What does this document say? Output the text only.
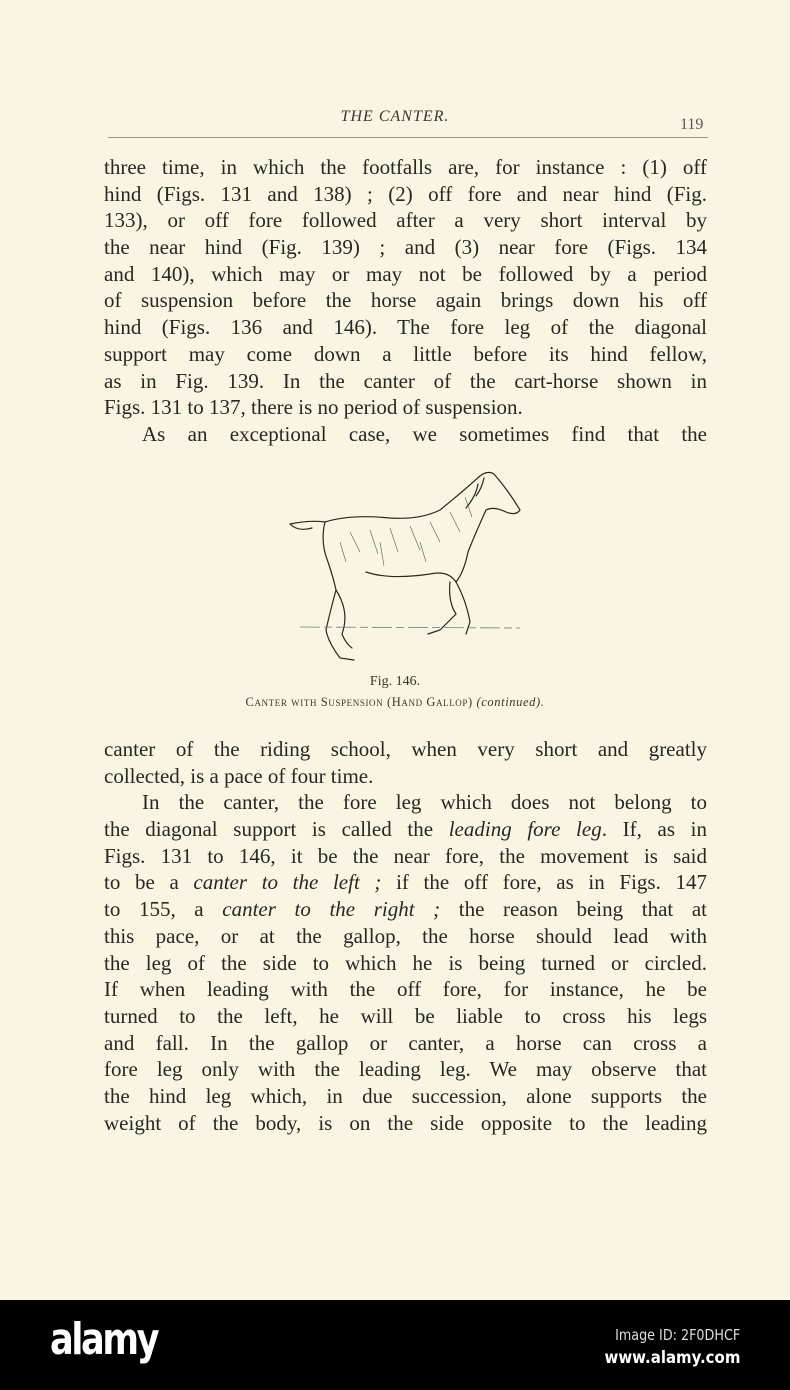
THE CANTER.	119
three time, in which the footfalls are, for instance : (1) off
hind (Figs. 131 and 138) ; (2) off fore and near hind (Fig.
133), or off fore followed after a very short interval by
the near hind (Fig. 139) ; and (3) near fore (Figs. 134
and 140), which may or may not be followed by a period
of suspension before the horse again brings down his off
hind (Figs. 136 and 146). The fore leg of the diagonal
support may come down a little before its hind fellow,
as in Fig. 139. In the canter of the cart-horse shown in
Figs. 131 to 137, there is no period of suspension.
As an exceptional case, we sometimes find that the
Fig. 146.
Canter with Suspension (Hand Gallop) (continued).
canter of the riding school, when very short and greatly
collected, is a pace of four time.
In the canter, the fore leg which does not belong to
the diagonal support is called the leading fore leg. If, as in
Figs. 131 to 146, it be the near fore, the movement is said
to be a canter to the left ; if the off fore, as in Figs. 147
to 155, a canter to the right ; the reason being that at
this pace, or at the gallop, the horse should lead with
the leg of the side to which he is being turned or circled.
If when leading with the off fore, for instance, he be
turned to the left, he will be liable to cross his legs
and fall. In the gallop or canter, a horse can cross a
fore leg only with the leading leg. We may observe that
the hind leg which, in due succession, alone supports the
weight of the body, is on the side opposite to the leading
alamy	Image ID: 2F0DHCF
www.alamy.com
